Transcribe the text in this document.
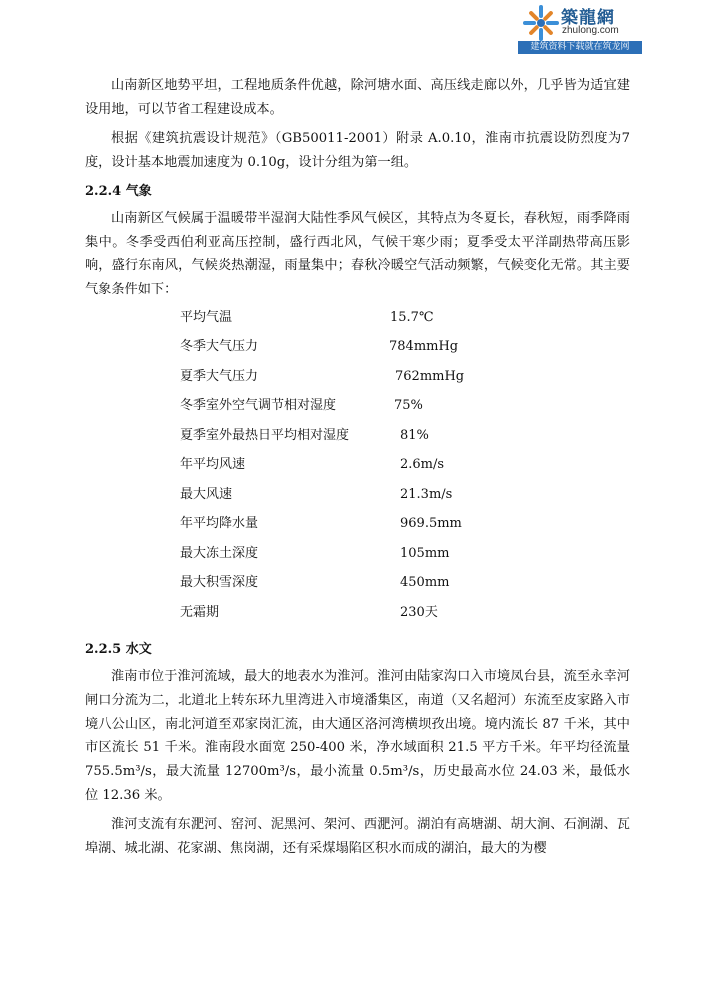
築龍網
zhulong.com
建筑资料下载就在筑龙网

山南新区地势平坦，工程地质条件优越，除河塘水面、高压线走廊以外，几乎皆为适宜建设用地，可以节省工程建设成本。

根据《建筑抗震设计规范》（GB50011-2001）附录 A.0.10，淮南市抗震设防烈度为7度，设计基本地震加速度为 0.10g，设计分组为第一组。

2.2.4 气象

山南新区气候属于温暖带半湿润大陆性季风气候区，其特点为冬夏长，春秋短，雨季降雨集中。冬季受西伯利亚高压控制，盛行西北风，气候干寒少雨；夏季受太平洋副热带高压影响，盛行东南风，气候炎热潮湿，雨量集中；春秋冷暖空气活动频繁，气候变化无常。其主要气象条件如下：

平均气温	15.7℃
冬季大气压力	784mmHg
夏季大气压力	762mmHg
冬季室外空气调节相对湿度	75%
夏季室外最热日平均相对湿度	81%
年平均风速	2.6m/s
最大风速	21.3m/s
年平均降水量	969.5mm
最大冻土深度	105mm
最大积雪深度	450mm
无霜期	230天
2.2.5 水文

淮南市位于淮河流域，最大的地表水为淮河。淮河由陆家沟口入市境凤台县，流至永幸河闸口分流为二，北道北上转东环九里湾进入市境潘集区，南道（又名超河）东流至皮家路入市境八公山区，南北河道至邓家岗汇流，由大通区洛河湾横坝孜出境。境内流长 87 千米，其中市区流长 51 千米。淮南段水面宽 250-400 米，净水域面积 21.5 平方千米。年平均径流量 755.5m³/s，最大流量 12700m³/s，最小流量 0.5m³/s，历史最高水位 24.03 米，最低水位 12.36 米。

淮河支流有东淝河、窑河、泥黑河、架河、西淝河。湖泊有高塘湖、胡大涧、石涧湖、瓦埠湖、城北湖、花家湖、焦岗湖，还有采煤塌陷区积水而成的湖泊，最大的为樱
